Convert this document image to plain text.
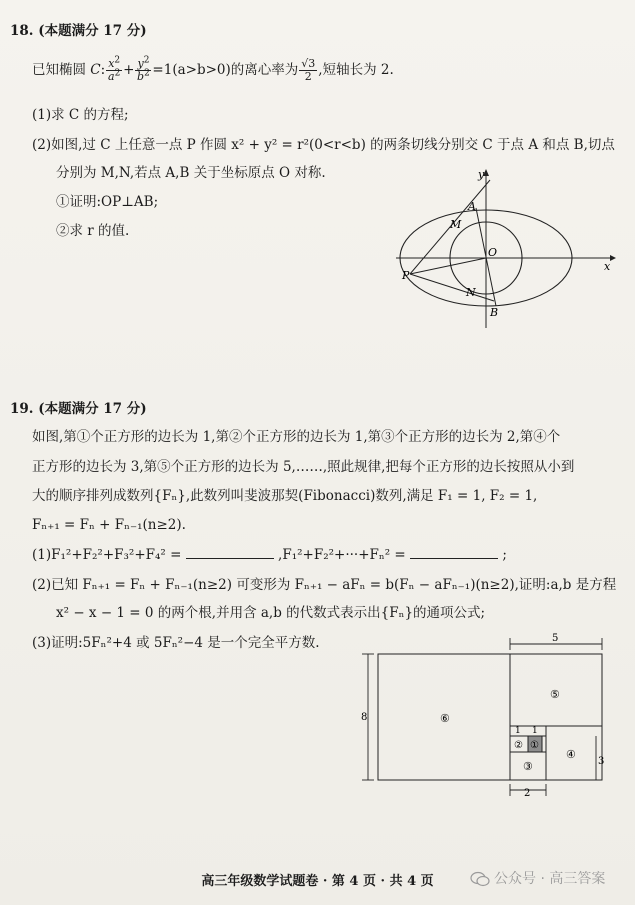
18. (本题满分 17 分)
已知椭圆 C: $\frac{x^2}{a^2} + \frac{y^2}{b^2} =1(a>b>0)$的离心率为 $\frac{√3}{2}$ ,短轴长为 2.
(1)求 C 的方程;
(2)如图,过 C 上任意一点 P 作圆 x² + y² = r²(0<r<b) 的两条切线分别交 C 于点 A 和点 B,切点
分别为 M,N,若点 A,B 关于坐标原点 O 对称.
①证明:OP⊥AB;
②求 r 的值.
y
x
A
M
O
P
N
B
19. (本题满分 17 分)
如图,第①个正方形的边长为 1,第②个正方形的边长为 1,第③个正方形的边长为 2,第④个
正方形的边长为 3,第⑤个正方形的边长为 5,……,照此规律,把每个正方形的边长按照从小到
大的顺序排列成数列{Fₙ},此数列叫斐波那契(Fibonacci)数列,满足 F₁ = 1, F₂ = 1,
Fₙ₊₁ = Fₙ + Fₙ₋₁(n≥2).
(1)F₁²+F₂²+F₃²+F₄² =	,F₁²+F₂²+···+Fₙ² =	;
(2)已知 Fₙ₊₁ = Fₙ + Fₙ₋₁(n≥2) 可变形为 Fₙ₊₁ − aFₙ = b(Fₙ − aFₙ₋₁)(n≥2),证明:a,b 是方程
x² − x − 1 = 0 的两个根,并用含 a,b 的代数式表示出{Fₙ}的通项公式;
(3)证明:5Fₙ²+4 或 5Fₙ²−4 是一个完全平方数.	5
8
1 1
3
2
⑥
⑤
④
③
② ①
高三年级数学试题卷 · 第 4 页 · 共 4 页	公众号 · 高三答案
